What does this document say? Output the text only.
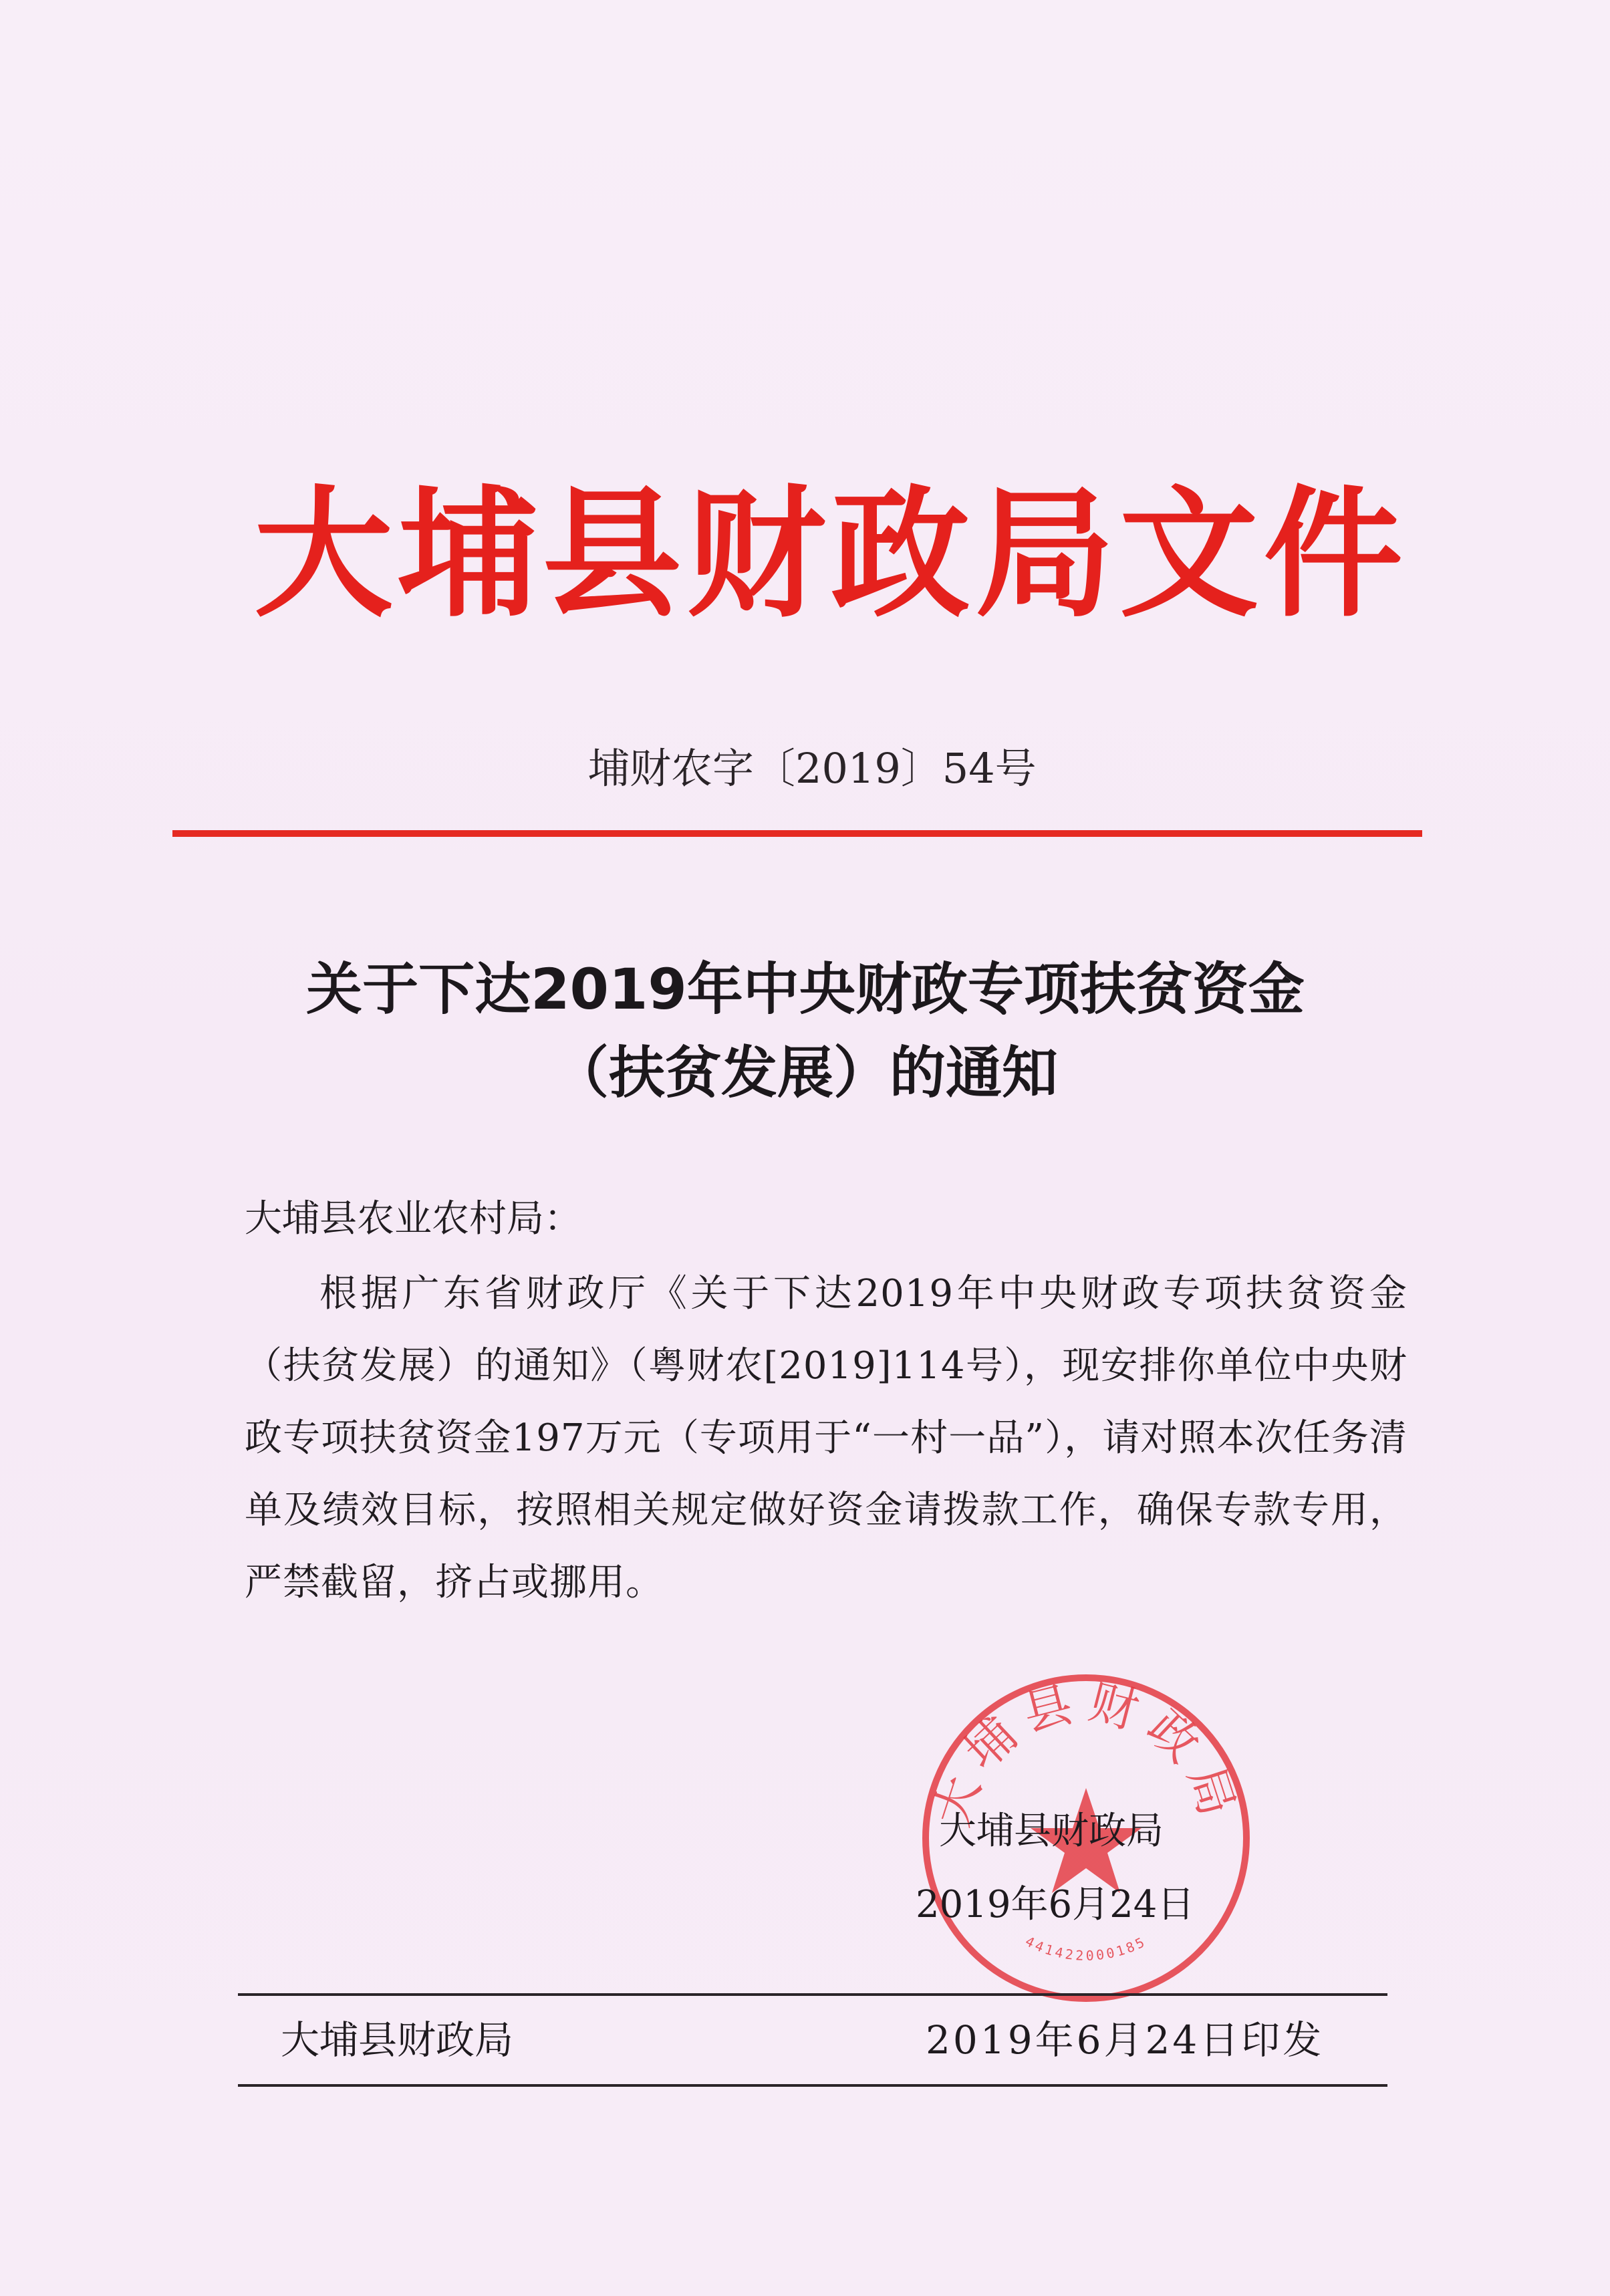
大埔县财政局文件
埔财农字〔2019〕54号
关于下达2019年中央财政专项扶贫资金
（扶贫发展）的通知
大埔县农业农村局：
根据广东省财政厅《关于下达2019年中央财政专项扶贫资金（扶贫发展）的通知》（粤财农[2019]114号），现安排你单位中央财政专项扶贫资金197万元（专项用于“一村一品”），请对照本次任务清单及绩效目标，按照相关规定做好资金请拨款工作，确保专款专用，严禁截留，挤占或挪用。
大埔县财政局
441422000185
大埔县财政局
2019年6月24日
大埔县财政局	2019年6月24日印发
